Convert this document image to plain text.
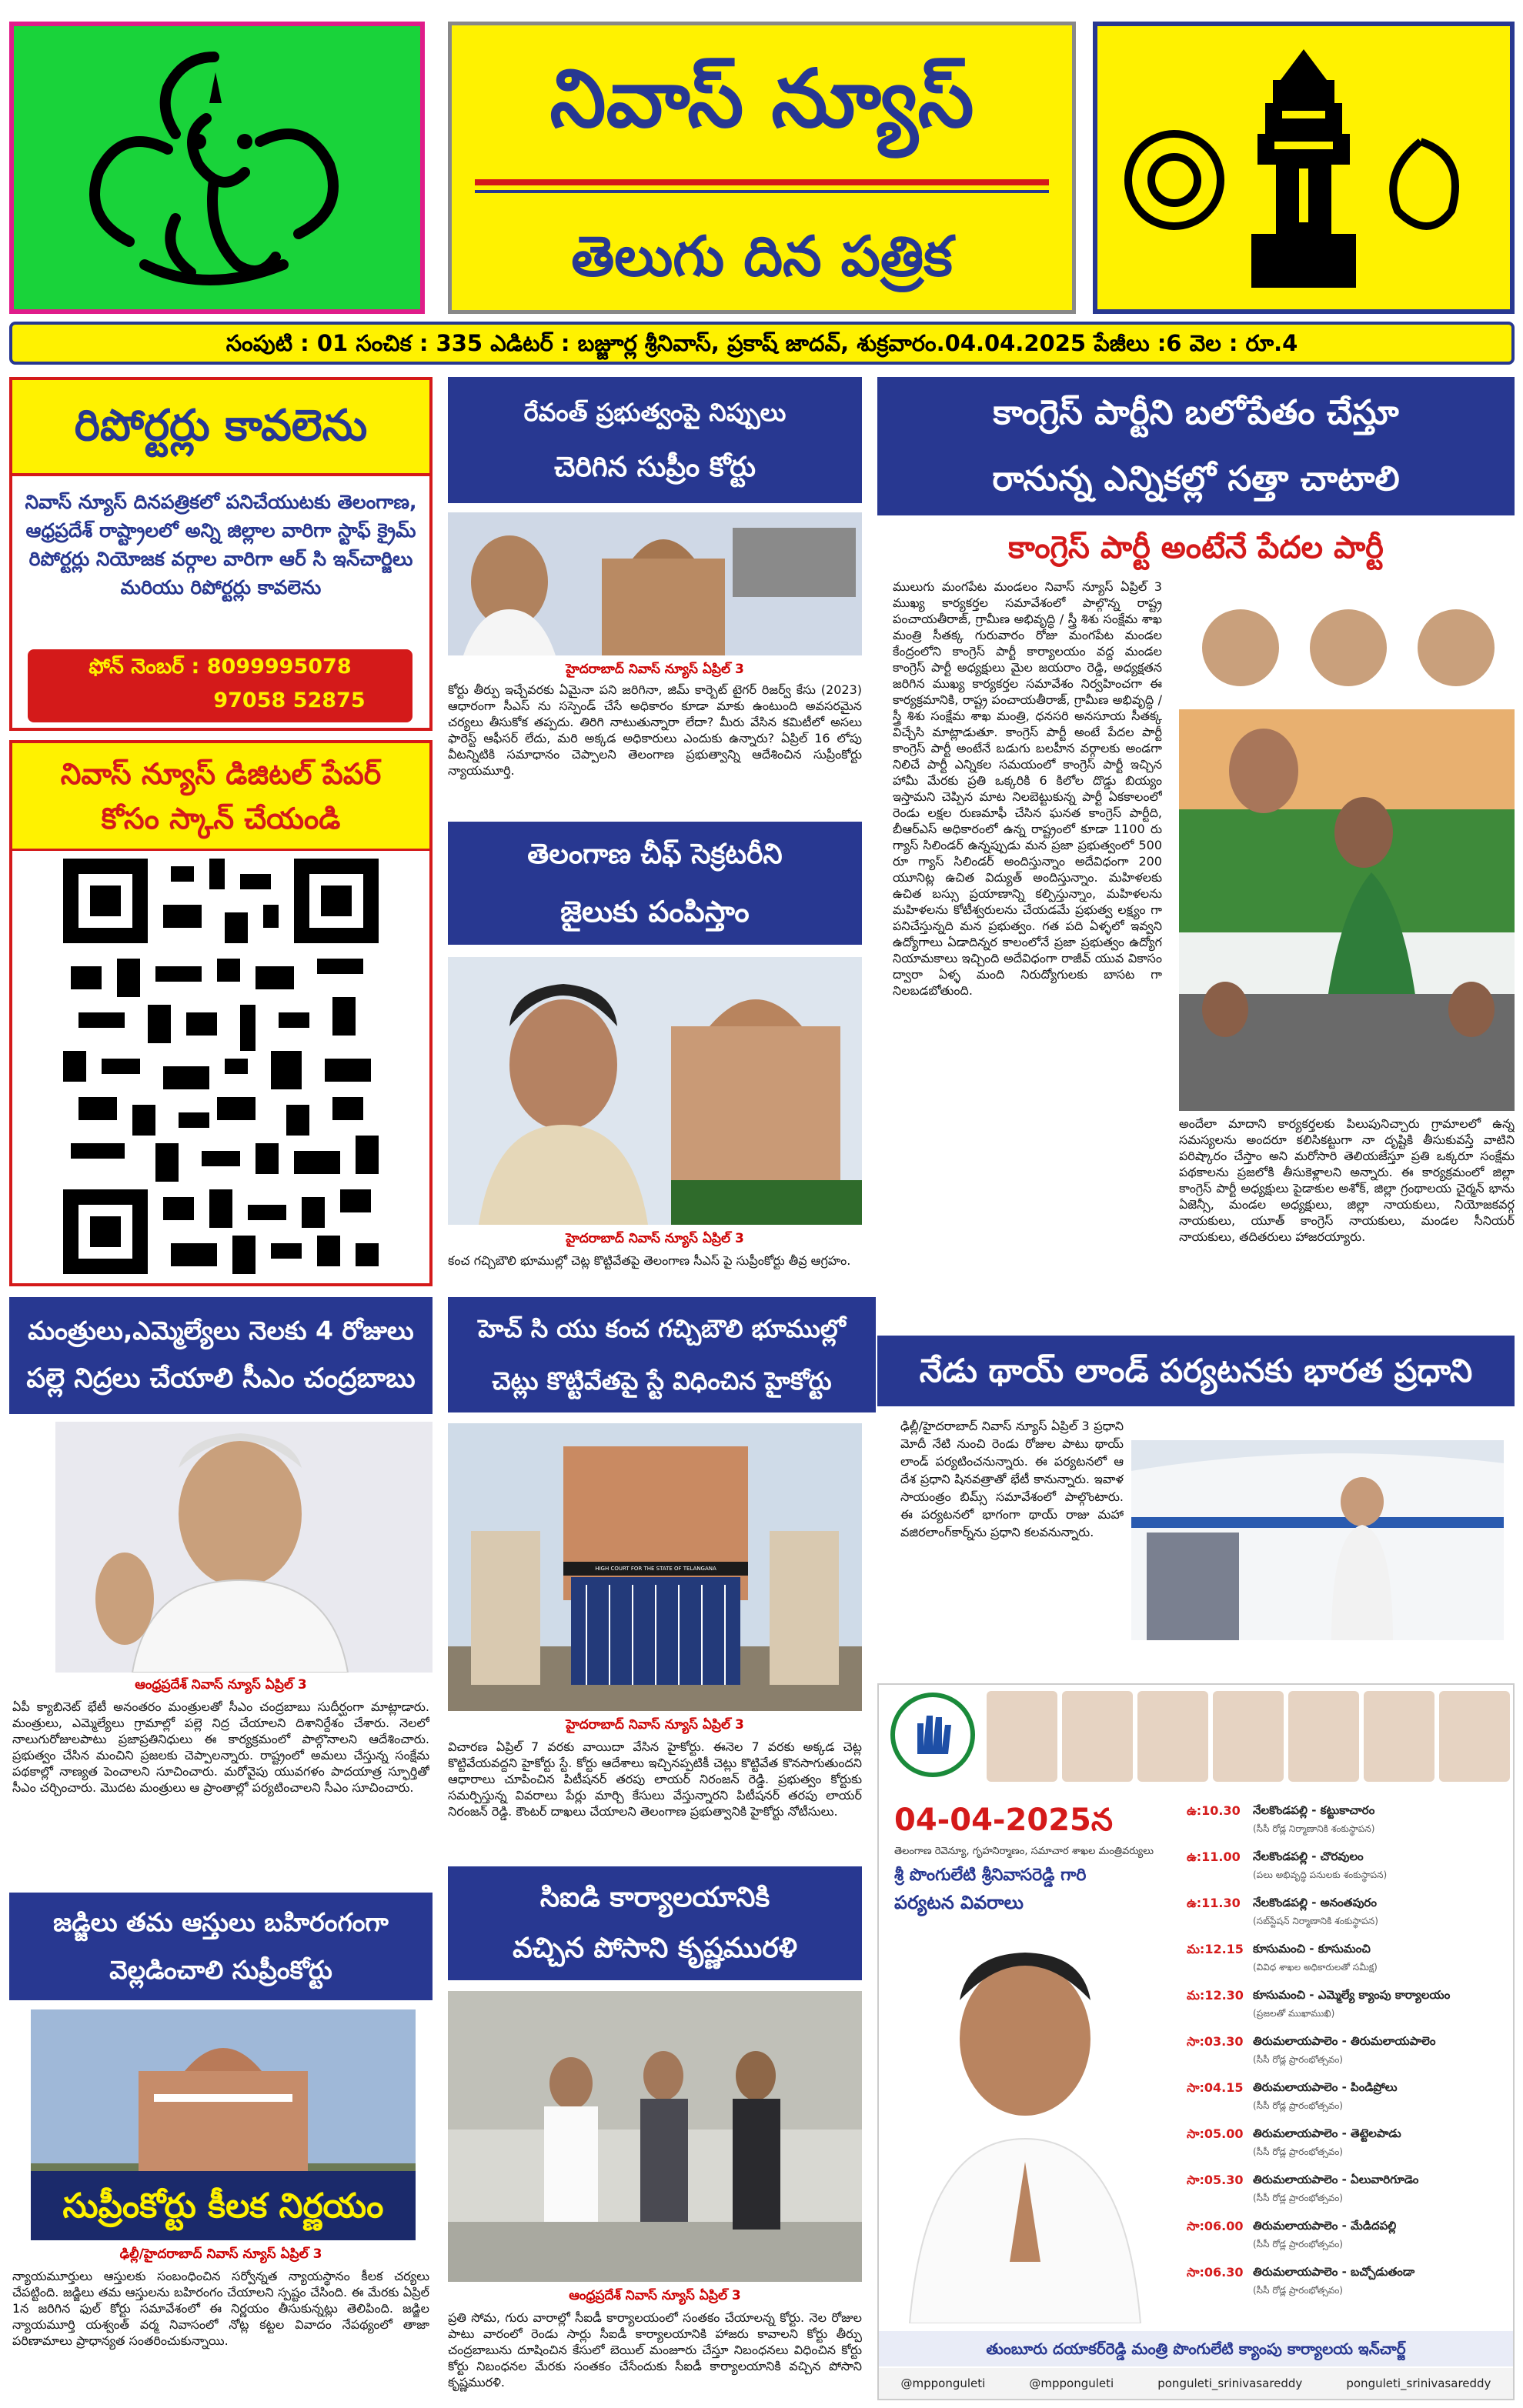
నివాస్ న్యూస్
తెలుగు దిన పత్రిక
సంపుటి : 01 సంచిక : 335 ఎడిటర్ : బజ్జూర్ల శ్రీనివాస్, ప్రకాష్ జాదవ్, శుక్రవారం.04.04.2025 పేజీలు :6 వెల : రూ.4
రిపోర్టర్లు కావలెను
నివాస్ న్యూస్ దినపత్రికలో పనిచేయుటకు తెలంగాణ, ఆధ్రప్రదేశ్ రాష్ట్రాలలో అన్ని జిల్లాల వారిగా స్టాఫ్ క్రైమ్ రిపోర్టర్లు నియోజక వర్గాల వారిగా ఆర్ సి ఇన్‌చార్జిలు మరియు రిపోర్టర్లు కావలెను
ఫోన్ నెంబర్ : 8099995078
97058 52875
నివాస్ న్యూస్ డిజిటల్ పేపర్ కోసం స్కాన్ చేయండి
మంత్రులు,ఎమ్మెల్యేలు నెలకు 4 రోజులు
పల్లె నిద్రలు చేయాలి సీఎం చంద్రబాబు
ఆంధ్రప్రదేశ్ నివాస్ న్యూస్ ఏప్రిల్ 3
ఏపీ క్యాబినెట్ భేటీ అనంతరం మంత్రులతో సీఎం చంద్రబాబు సుదీర్ఘంగా మాట్లాడారు. మంత్రులు, ఎమ్మెల్యేలు గ్రామాల్లో పల్లె నిద్ర చేయాలని దిశానిర్దేశం చేశారు. నెలలో నాలుగురోజులపాటు ప్రజాప్రతినిధులు ఈ కార్యక్రమంలో పాల్గొనాలని ఆదేశించారు. ప్రభుత్వం చేసిన మంచిని ప్రజలకు చెప్పాలన్నారు. రాష్ట్రంలో అమలు చేస్తున్న సంక్షేమ పథకాల్లో నాణ్యత పెంచాలని సూచించారు. మరోవైపు యువగళం పాదయాత్ర స్ఫూర్తితో సీఎం చర్చించారు. మొదట మంత్రులు ఆ ప్రాంతాల్లో పర్యటించాలని సీఎం సూచించారు.
జడ్జిలు తమ ఆస్తులు బహిరంగంగా
వెల్లడించాలి సుప్రీంకోర్టు
సుప్రీంకోర్టు కీలక నిర్ణయం
ఢిల్లీ/హైదరాబాద్ నివాస్ న్యూస్ ఏప్రిల్ 3
న్యాయమూర్తులు ఆస్తులకు సంబంధించిన సర్వోన్నత న్యాయస్థానం కీలక చర్యలు చేపట్టింది. జడ్జిలు తమ ఆస్తులను బహిరంగం చేయాలని స్పష్టం చేసింది. ఈ మేరకు ఏప్రిల్ 1న జరిగిన ఫుల్ కోర్టు సమావేశంలో ఈ నిర్ణయం తీసుకున్నట్లు తెలిపింది. జడ్జిల న్యాయమూర్తి యశ్వంత్ వర్మ నివాసంలో నోట్ల కట్టల వివాదం నేపథ్యంలో తాజా పరిణామాలు ప్రాధాన్యత సంతరించుకున్నాయి.
రేవంత్ ప్రభుత్వంపై నిప్పులు
చెరిగిన సుప్రీం కోర్టు
హైదరాబాద్ నివాస్ న్యూస్ ఏప్రిల్ 3
కోర్టు తీర్పు ఇచ్చేవరకు ఏమైనా పని జరిగినా, జిమ్ కార్బెట్ టైగర్ రిజర్వ్ కేసు (2023) ఆధారంగా సీఎస్ ను సస్పెండ్ చేసే అధికారం కూడా మాకు ఉంటుంది అవసరమైన చర్యలు తీసుకోక తప్పదు. తిరిగి నాటుతున్నారా లేదా? మీరు వేసిన కమిటీలో అసలు ఫారెస్ట్ ఆఫీసర్ లేదు, మరి అక్కడ అధికారులు ఎందుకు ఉన్నారు? ఏప్రిల్ 16 లోపు వీటన్నిటికి సమాధానం చెప్పాలని తెలంగాణ ప్రభుత్వాన్ని ఆదేశించిన సుప్రీంకోర్టు న్యాయమూర్తి.
తెలంగాణ చీఫ్ సెక్రటరీని
జైలుకు పంపిస్తాం
హైదరాబాద్ నివాస్ న్యూస్ ఏప్రిల్ 3
కంచ గచ్చిబౌలి భూముల్లో చెట్ల కొట్టివేతపై తెలంగాణ సీఎస్ పై సుప్రీంకోర్టు తీవ్ర ఆగ్రహం.
హెచ్ సి యు కంచ గచ్చిబౌలి భూముల్లో
చెట్లు కొట్టివేతపై స్టే విధించిన హైకోర్టు
HIGH COURT FOR THE STATE OF TELANGANA
హైదరాబాద్ నివాస్ న్యూస్ ఏప్రిల్ 3
విచారణ ఏప్రిల్ 7 వరకు వాయిదా వేసిన హైకోర్టు. ఈనెల 7 వరకు అక్కడ చెట్ల కొట్టివేయవద్దని హైకోర్టు స్టే. కోర్టు ఆదేశాలు ఇచ్చినప్పటికీ చెట్లు కొట్టివేత కొనసాగుతుందని ఆధారాలు చూపించిన పిటీషనర్ తరపు లాయర్ నిరంజన్ రెడ్డి. ప్రభుత్వం కోర్టుకు సమర్పిస్తున్న వివరాలు పేర్లు మార్చి కేసులు వేస్తున్నారని పిటీషనర్ తరపు లాయర్ నిరంజన్ రెడ్డి. కౌంటర్ దాఖలు చేయాలని తెలంగాణ ప్రభుత్వానికి హైకోర్టు నోటీసులు.
సిఐడి కార్యాలయానికి
వచ్చిన పోసాని కృష్ణమురళి
ఆంధ్రప్రదేశ్ నివాస్ న్యూస్ ఏప్రిల్ 3
ప్రతి సోమ, గురు వారాల్లో సీఐడీ కార్యాలయంలో సంతకం చేయాలన్న కోర్టు. నెల రోజుల పాటు వారంలో రెండు సార్లు సీఐడీ కార్యాలయానికి హాజరు కావాలని కోర్టు తీర్పు చంద్రబాబును దూషించిన కేసులో బెయిల్ మంజూరు చేస్తూ నిబంధనలు విధించిన కోర్టు కోర్టు నిబంధనల మేరకు సంతకం చేసేందుకు సీఐడీ కార్యాలయానికి వచ్చిన పోసాని కృష్ణమురళి.
కాంగ్రెస్ పార్టీని బలోపేతం చేస్తూ
రానున్న ఎన్నికల్లో సత్తా చాటాలి
కాంగ్రెస్ పార్టీ అంటేనే పేదల పార్టీ
ములుగు మంగపేట మండలం నివాస్ న్యూస్ ఏప్రిల్ 3 ముఖ్య కార్యకర్తల సమావేశంలో పాల్గొన్న రాష్ట్ర పంచాయతీరాజ్, గ్రామీణ అభివృద్ధి / స్త్రీ శిశు సంక్షేమ శాఖ మంత్రి సీతక్క గురువారం రోజు మంగపేట మండల కేంద్రంలోని కాంగ్రెస్ పార్టీ కార్యాలయం వద్ద మండల కాంగ్రెస్ పార్టీ అధ్యక్షులు మైల జయరాం రెడ్డి, అధ్యక్షతన జరిగిన ముఖ్య కార్యకర్తల సమావేశం నిర్వహించగా ఈ కార్యక్రమానికి, రాష్ట్ర పంచాయతీరాజ్, గ్రామీణ అభివృద్ధి / స్త్రీ శిశు సంక్షేమ శాఖ మంత్రి, ధనసరి అనసూయ సీతక్క విచ్చేసి మాట్లాడుతూ. కాంగ్రెస్ పార్టీ అంటే పేదల పార్టీ కాంగ్రెస్ పార్టీ అంటేనే బడుగు బలహీన వర్గాలకు అండగా నిలిచే పార్టీ ఎన్నికల సమయంలో కాంగ్రెస్ పార్టీ ఇచ్చిన హామీ మేరకు ప్రతి ఒక్కరికి 6 కిలోల దొడ్డు బియ్యం ఇస్తామని చెప్పిన మాట నిలబెట్టుకున్న పార్టీ ఏకకాలంలో రెండు లక్షల రుణమాఫీ చేసిన ఘనత కాంగ్రెస్ పార్టీది, బీఆర్ఎస్ అధికారంలో ఉన్న రాష్ట్రంలో కూడా 1100 రు గ్యాస్ సిలిండర్ ఉన్నప్పుడు మన ప్రజా ప్రభుత్వంలో 500 రూ గ్యాస్ సిలిండర్ అందిస్తున్నాం అదేవిధంగా 200 యూనిట్ల ఉచిత విద్యుత్ అందిస్తున్నాం. మహిళలకు ఉచిత బస్సు ప్రయాణాన్ని కల్పిస్తున్నాం, మహిళలను మహిళలను కోటీశ్వరులను చేయడమే ప్రభుత్వ లక్ష్యం గా పనిచేస్తున్నది మన ప్రభుత్వం. గత పది ఏళ్ళలో ఇవ్వని ఉద్యోగాలు ఏడాదిన్నర కాలంలోనే ప్రజా ప్రభుత్వం ఉద్యోగ నియామకాలు ఇచ్చింది అదేవిధంగా రాజీవ్ యువ వికాసం ద్వారా ఏళ్ళ మంది నిరుద్యోగులకు బాసట గా నిలబడబోతుంది.
అందేలా మాదాని కార్యకర్తలకు పిలుపునిచ్చారు గ్రామాలలో ఉన్న సమస్యలను అందరూ కలిసికట్టుగా నా దృష్టికి తీసుకువస్తే వాటిని పరిష్కారం చేస్తాం అని మరోసారి తెలియజేస్తూ ప్రతి ఒక్కరూ సంక్షేమ పథకాలను ప్రజలోకి తీసుకెళ్లాలని అన్నారు. ఈ కార్యక్రమంలో జిల్లా కాంగ్రెస్ పార్టీ అధ్యక్షులు పైడాకుల అశోక్, జిల్లా గ్రంథాలయ చైర్మన్ భాను ఏజెన్సీ, మండల అధ్యక్షులు, జిల్లా నాయకులు, నియోజకవర్గ నాయకులు, యూత్ కాంగ్రెస్ నాయకులు, మండల సీనియర్ నాయకులు, తదితరులు హాజరయ్యారు.
నేడు థాయ్ లాండ్ పర్యటనకు భారత ప్రధాని
ఢిల్లీ/హైదరాబాద్ నివాస్ న్యూస్ ఏప్రిల్ 3 ప్రధాని మోదీ నేటి నుంచి రెండు రోజుల పాటు థాయ్ లాండ్ పర్యటించనున్నారు. ఈ పర్యటనలో ఆ దేశ ప్రధాని షినవత్రాతో భేటీ కానున్నారు. ఇవాళ సాయంత్రం బిమ్స్ సమావేశంలో పాల్గొంటారు. ఈ పర్యటనలో భాగంగా థాయ్ రాజు మహా వజిరలాంగ్‌కార్న్‌ను ప్రధాని కలవనున్నారు.
04-04-2025న
తెలంగాణ రెవెన్యూ, గృహనిర్మాణం, సమాచార శాఖల మంత్రివర్యులు
శ్రీ పొంగులేటి శ్రీనివాసరెడ్డి గారి
పర్యటన వివరాలు
ఉ:10.30 నేలకొండపల్లి - కట్టుకాచారం
(సీసీ రోడ్ల నిర్మాణానికి శంకుస్థాపన)
ఉ:11.00 నేలకొండపల్లి - చొరవులం
(పలు అభివృద్ధి పనులకు శంకుస్థాపన)
ఉ:11.30 నేలకొండపల్లి - అనంతపురం
(సబ్‌స్టేషన్ నిర్మాణానికి శంకుస్థాపన)
మ:12.15 కూసుమంచి - కూసుమంచి
(వివిధ శాఖల అధికారులతో సమీక్ష)
మ:12.30 కూసుమంచి - ఎమ్మెల్యే క్యాంపు కార్యాలయం
(ప్రజలతో ముఖాముఖి)
సా:03.30 తిరుమలాయపాలెం - తిరుమలాయపాలెం
(సీసీ రోడ్ల ప్రారంభోత్సవం)
సా:04.15 తిరుమలాయపాలెం - పిండిప్రోలు
(సీసీ రోడ్ల ప్రారంభోత్సవం)
సా:05.00 తిరుమలాయపాలెం - తెట్టెలపాడు
(సీసీ రోడ్ల ప్రారంభోత్సవం)
సా:05.30 తిరుమలాయపాలెం - ఏలువారిగూడెం
(సీసీ రోడ్ల ప్రారంభోత్సవం)
సా:06.00 తిరుమలాయపాలెం - మేడిదపల్లి
(సీసీ రోడ్ల ప్రారంభోత్సవం)
సా:06.30 తిరుమలాయపాలెం - బచ్చోడుతండా
(సీసీ రోడ్ల ప్రారంభోత్సవం)
తుంబూరు దయాకర్‌రెడ్డి మంత్రి పొంగులేటి క్యాంపు కార్యాలయ ఇన్‌చార్జ్
@mpponguleti	@mpponguleti	ponguleti_srinivasareddy	ponguleti_srinivasareddy
